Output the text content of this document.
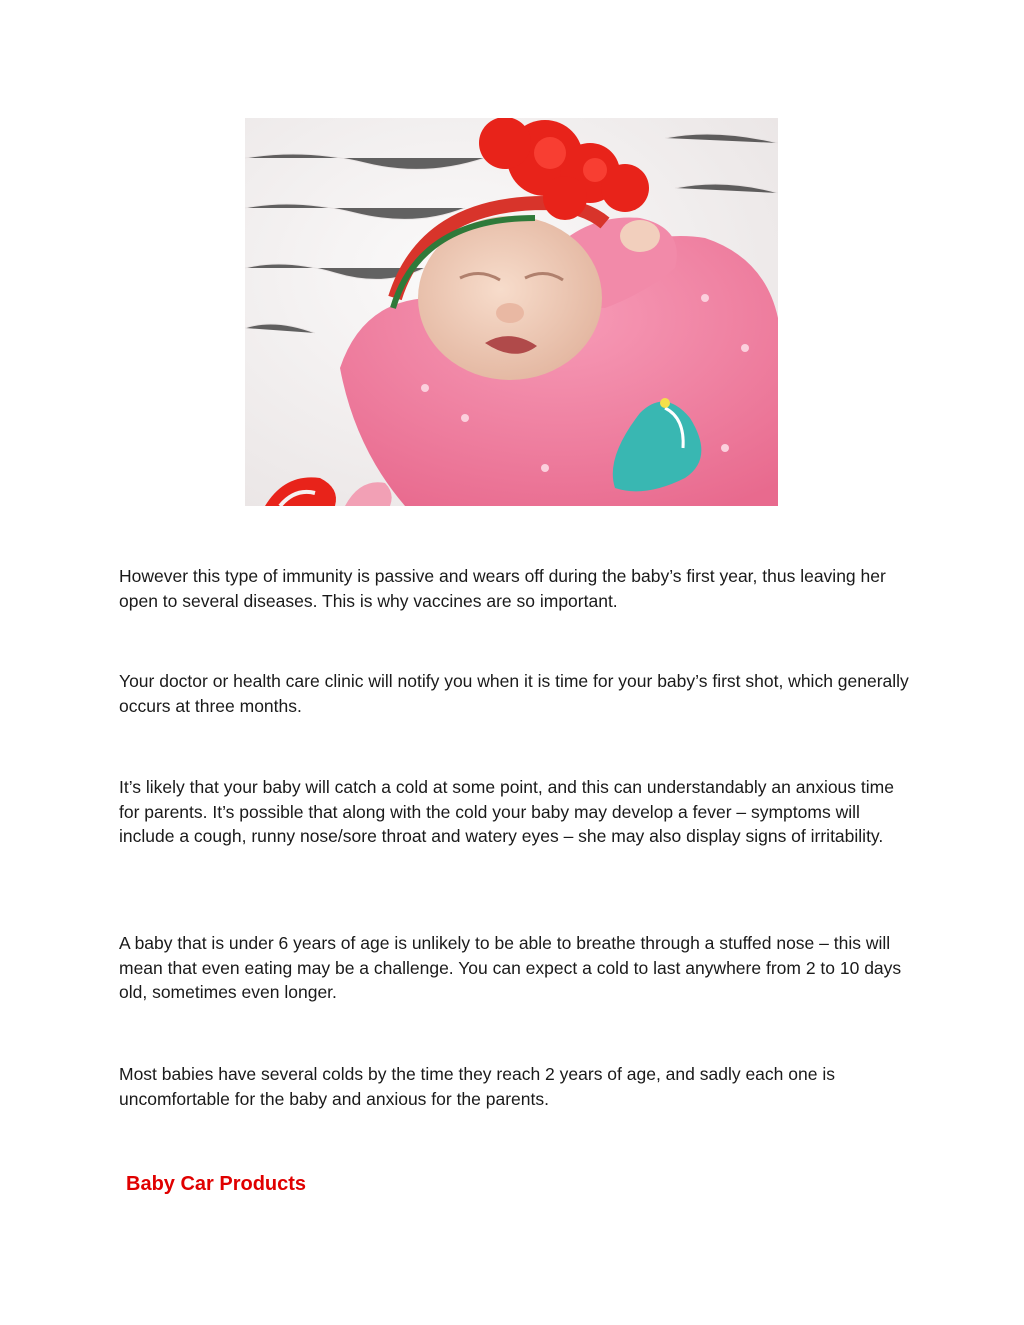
However this type of immunity is passive and wears off during the baby’s first year, thus leaving her open to several diseases. This is why vaccines are so important.

Your doctor or health care clinic will notify you when it is time for your baby’s first shot, which generally occurs at three months.

It’s likely that your baby will catch a cold at some point, and this can understandably an anxious time for parents. It’s possible that along with the cold your baby may develop a fever – symptoms will include a cough, runny nose/sore throat and watery eyes – she may also display signs of irritability.

A baby that is under 6 years of age is unlikely to be able to breathe through a stuffed nose – this will mean that even eating may be a challenge. You can expect a cold to last anywhere from 2 to 10 days old, sometimes even longer.

Most babies have several colds by the time they reach 2 years of age, and sadly each one is uncomfortable for the baby and anxious for the parents.

Baby Car Products
